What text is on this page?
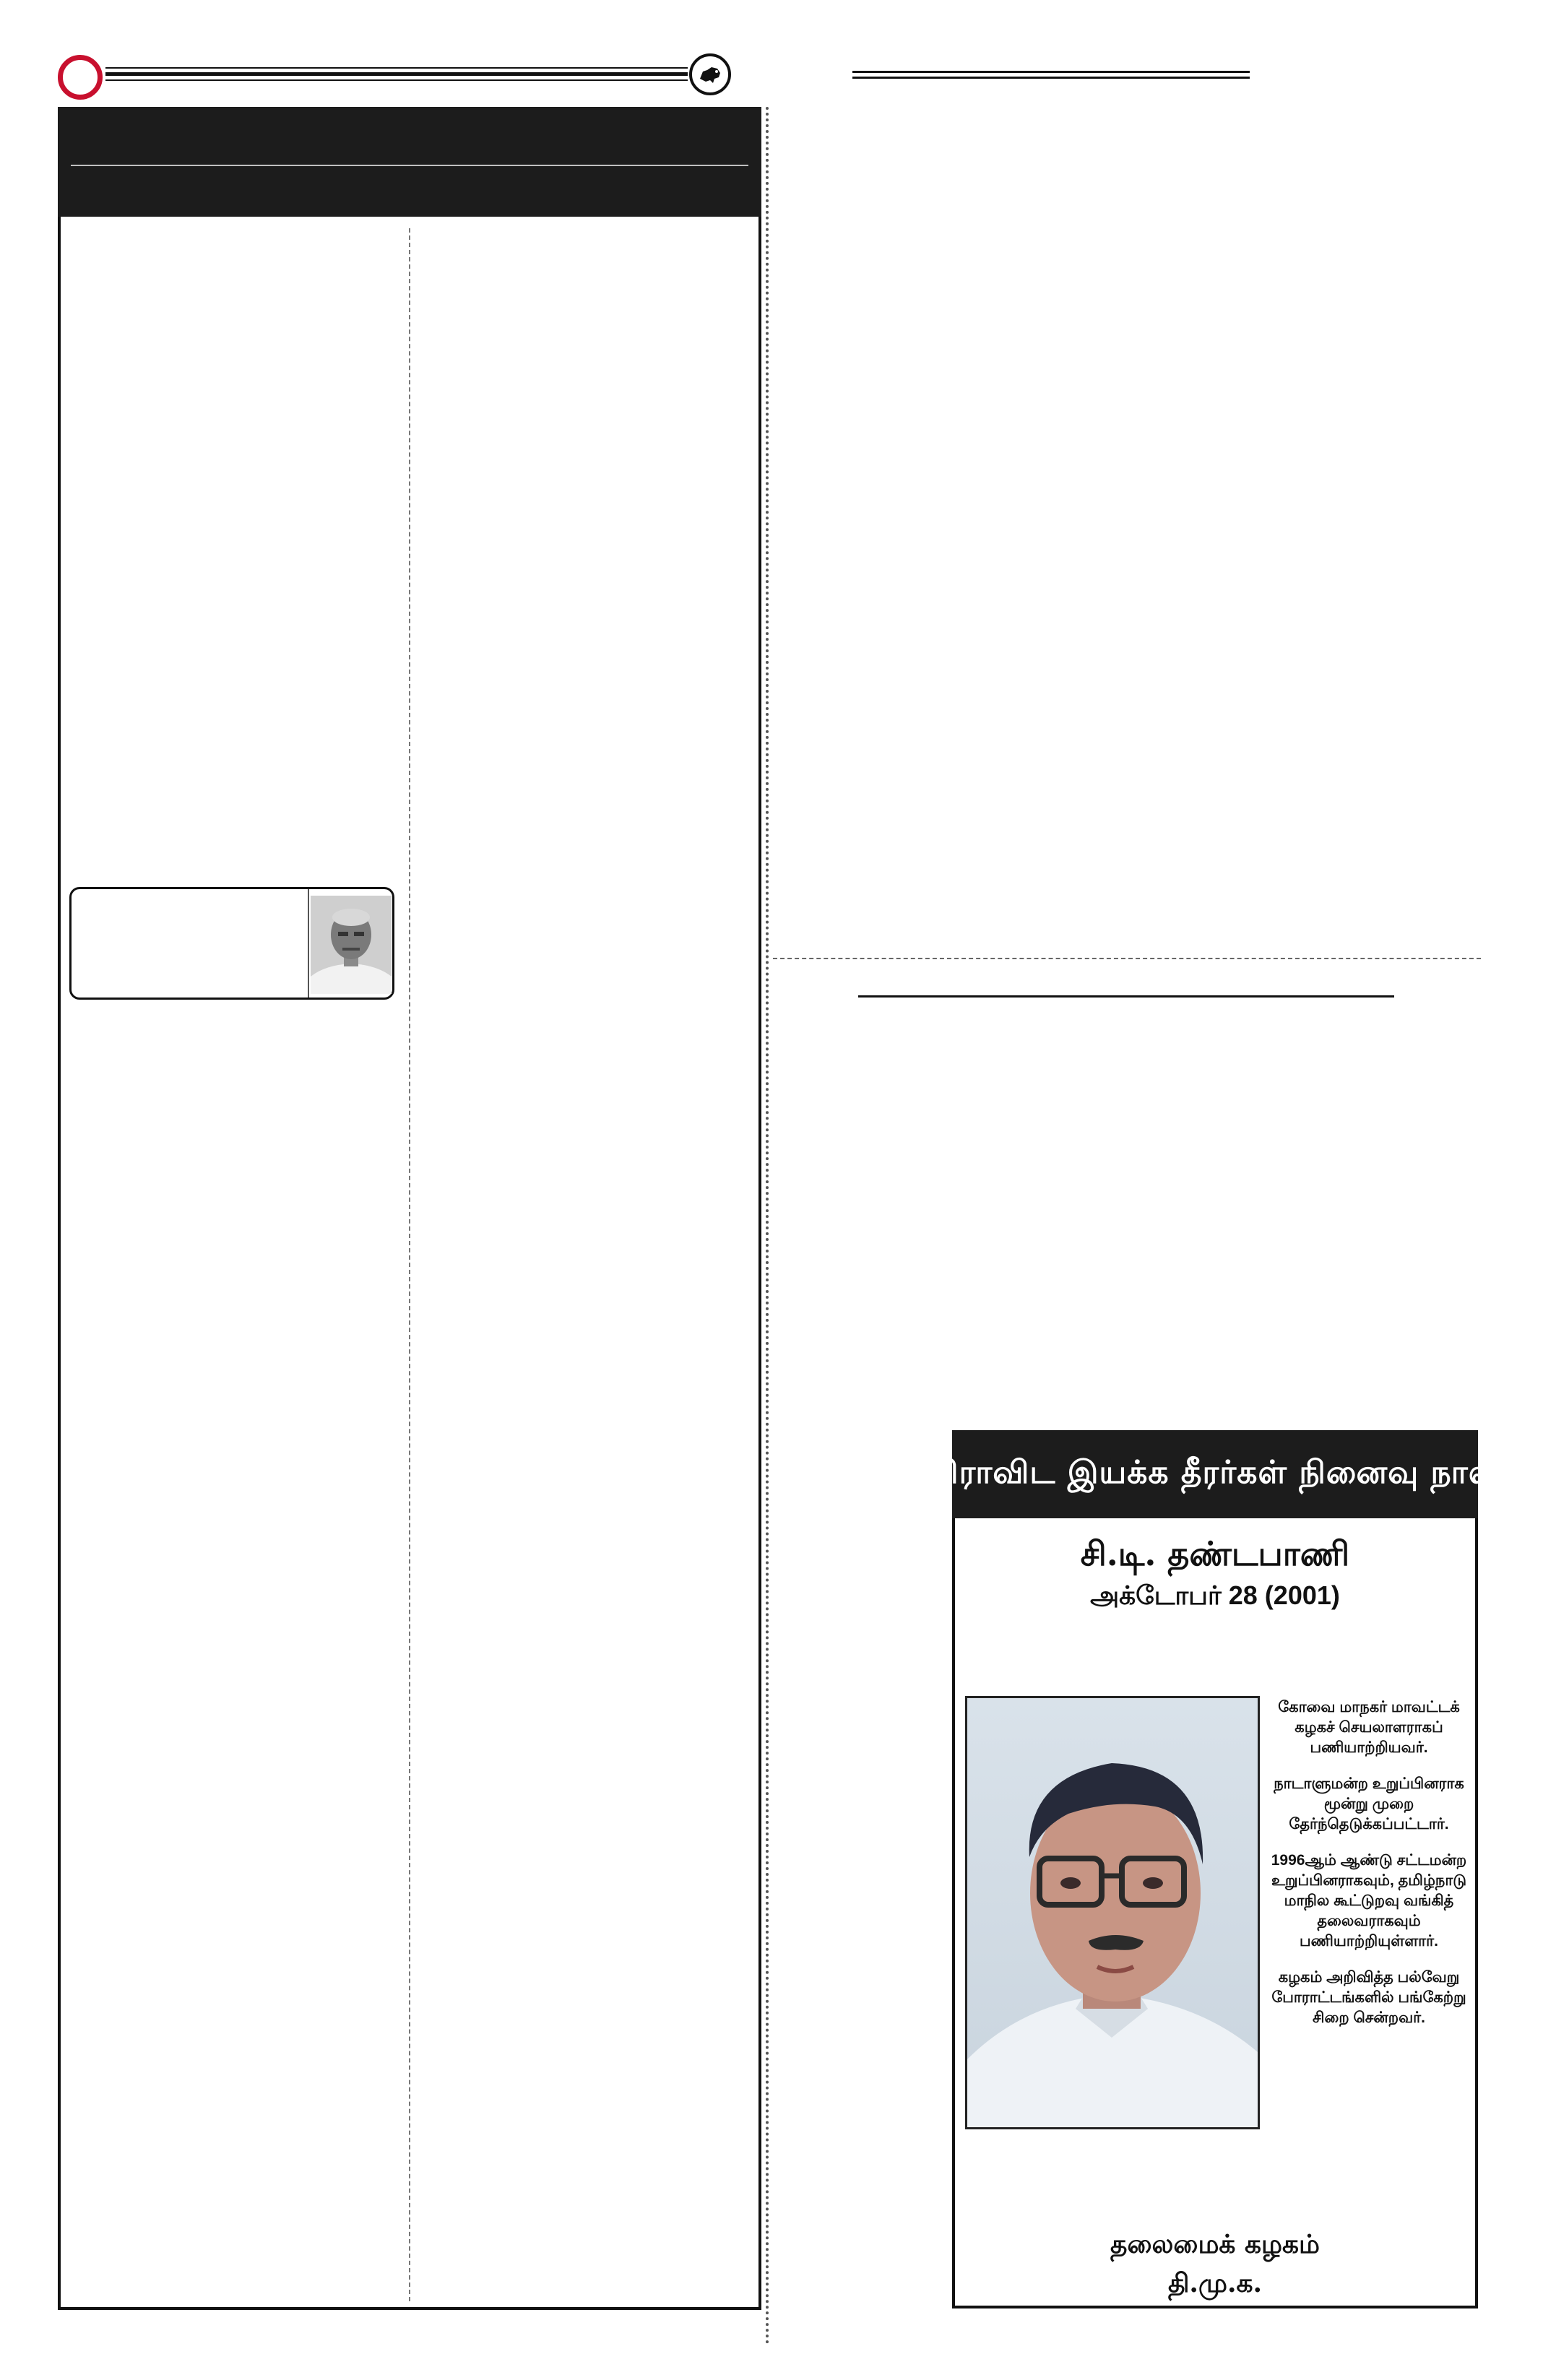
திராவிட இயக்க தீரர்கள் நினைவு நாள்
சி.டி. தண்டபாணி
அக்டோபர் 28 (2001)

கோவை மாநகர் மாவட்டக் கழகச் செயலாளராகப் பணியாற்றியவர்.

நாடாளுமன்ற உறுப்பினராக மூன்று முறை தேர்ந்தெடுக்கப்பட்டார்.

1996ஆம் ஆண்டு சட்டமன்ற உறுப்பினராகவும், தமிழ்நாடு மாநில கூட்டுறவு வங்கித் தலைவராகவும் பணியாற்றியுள்ளார்.

கழகம் அறிவித்த பல்வேறு போராட்டங்களில் பங்கேற்று சிறை சென்றவர்.

தலைமைக் கழகம்
தி.மு.க.
